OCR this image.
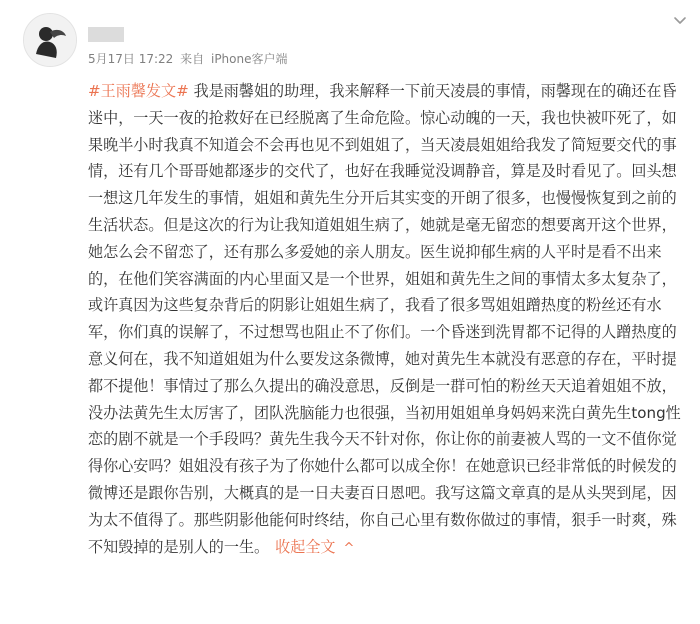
5月17日 17:22 来自 iPhone客户端
#王雨馨发文# 我是雨馨姐的助理，我来解释一下前天凌晨的事情，雨馨现在的确还在昏迷中，一天一夜的抢救好在已经脱离了生命危险。惊心动魄的一天，我也快被吓死了，如果晚半小时我真不知道会不会再也见不到姐姐了，当天凌晨姐姐给我发了简短要交代的事情，还有几个哥哥她都逐步的交代了，也好在我睡觉没调静音，算是及时看见了。回头想一想这几年发生的事情，姐姐和黄先生分开后其实变的开朗了很多，也慢慢恢复到之前的生活状态。但是这次的行为让我知道姐姐生病了，她就是毫无留恋的想要离开这个世界，她怎么会不留恋了，还有那么多爱她的亲人朋友。医生说抑郁生病的人平时是看不出来的，在他们笑容满面的内心里面又是一个世界，姐姐和黄先生之间的事情太多太复杂了，或许真因为这些复杂背后的阴影让姐姐生病了，我看了很多骂姐姐蹭热度的粉丝还有水军，你们真的误解了，不过想骂也阻止不了你们。一个昏迷到洗胃都不记得的人蹭热度的意义何在，我不知道姐姐为什么要发这条微博，她对黄先生本就没有恶意的存在，平时提都不提他！事情过了那么久提出的确没意思，反倒是一群可怕的粉丝天天追着姐姐不放，没办法黄先生太厉害了，团队洗脑能力也很强，当初用姐姐单身妈妈来洗白黄先生tong性恋的剧不就是一个手段吗？黄先生我今天不针对你，你让你的前妻被人骂的一文不值你觉得你心安吗？姐姐没有孩子为了你她什么都可以成全你！在她意识已经非常低的时候发的微博还是跟你告别，大概真的是一日夫妻百日恩吧。我写这篇文章真的是从头哭到尾，因为太不值得了。那些阴影他能何时终结，你自己心里有数你做过的事情，狠手一时爽，殊不知毁掉的是别人的一生。 收起全文 ^
